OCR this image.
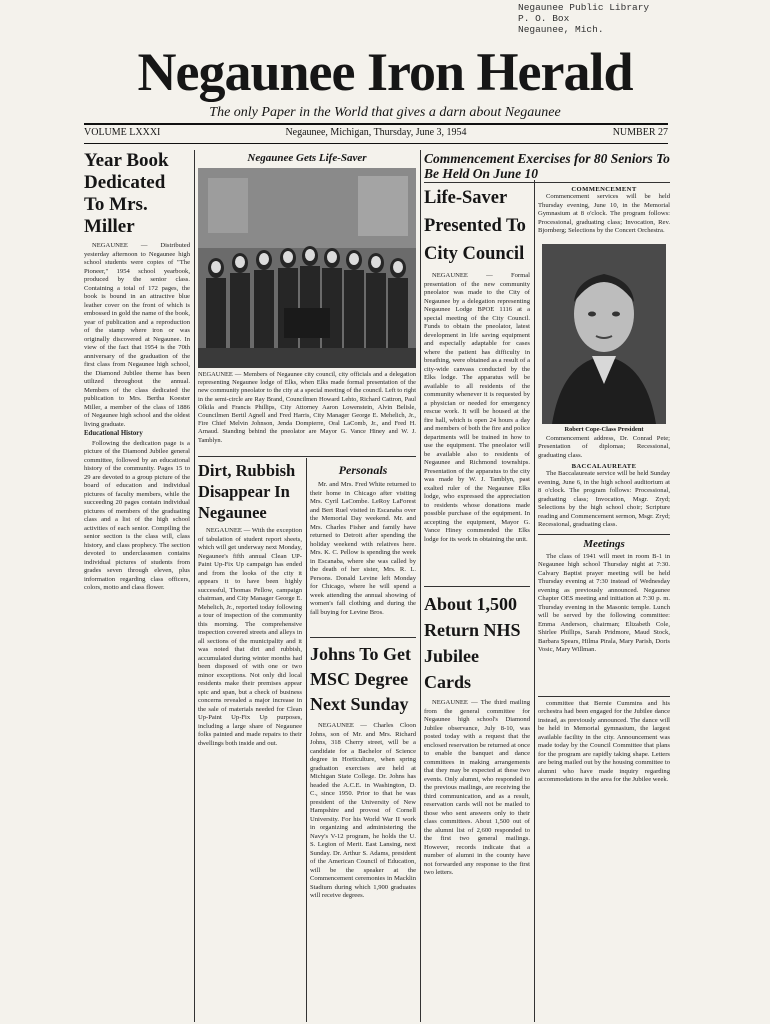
Negaunee Public Library
P. O. Box
Negaunee, Mich.
Negaunee Iron Herald
The only Paper in the World that gives a darn about Negaunee
VOLUME LXXXI	Negaunee, Michigan, Thursday, June 3, 1954	NUMBER 27
Year Book Dedicated To Mrs. Miller

NEGAUNEE — Distributed yesterday afternoon to Negaunee high school students were copies of "The Pioneer," 1954 school yearbook, produced by the senior class. Containing a total of 172 pages, the book is bound in an attractive blue leather cover on the front of which is embossed in gold the name of the book, year of publication and a reproduction of the stamp where iron or was originally discovered at Negaunee. In view of the fact that 1954 is the 70th anniversary of the graduation of the first class from Negaunee high school, the Diamond Jubilee theme has been utilized throughout the annual. Members of the class dedicated the publication to Mrs. Bertha Koester Miller, a member of the class of 1886 of Negaunee high school and the oldest living graduate.

Educational History

Following the dedication page is a picture of the Diamond Jubilee general committee, followed by an educational history of the community. Pages 15 to 29 are devoted to a group picture of the board of education and individual pictures of faculty members, while the succeeding 20 pages contain individual pictures of members of the graduating class and a list of the high school activities of each senior. Compiling the senior section is the class will, class history, and class prophecy. The section devoted to underclassmen contains individual pictures of students from grades seven through eleven, plus information regarding class officers, colors, motto and class flower.

Negaunee Gets Life-Saver
NEGAUNEE — Members of Negaunee city council, city officials and a delegation representing Negaunee lodge of Elks, when Elks made formal presentation of the new community pneolator to the city at a special meeting of the council. Left to right in the semi-circle are Ray Brand, Councilmen Howard Lehto, Richard Cattron, Paul Olkila and Francis Phillips, City Attorney Aaron Lowenstein, Alvin Belisle, Councilmen Bertil Agnell and Fred Harris, City Manager George E. Mehelich, Jr., Fire Chief Melvin Johnson, Jenda Dompierre, Oral LaComb, Jr., and Fred H. Arnaud. Standing behind the pneolator are Mayor G. Vance Hiney and W. J. Tamblyn.
Dirt, Rubbish Disappear In Negaunee

NEGAUNEE — With the exception of tabulation of student report sheets, which will get underway next Monday, Negaunee's fifth annual Clean UP-Paint Up-Fix Up campaign has ended and from the looks of the city it appears it to have been highly successful, Thomas Pellow, campaign chairman, and City Manager George E. Mehelich, Jr., reported today following a tour of inspection of the community this morning. The comprehensive inspection covered streets and alleys in all sections of the municipality and it was noted that dirt and rubbish, accumulated during winter months had been disposed of with one or two minor exceptions. Not only did local residents make their premises appear spic and span, but a check of business concerns revealed a major increase in the sale of materials needed for Clean Up-Paint Up-Fix Up purposes, including a large share of Negaunee folks painted and made repairs to their dwellings both inside and out.

Personals

Mr. and Mrs. Fred White returned to their home in Chicago after visiting Mrs. Cyril LaCombe. LeRoy LaForest and Bert Ruel visited in Escanaba over the Memorial Day weekend. Mr. and Mrs. Charles Fisher and family have returned to Detroit after spending the holiday weekend with relatives here. Mrs. K. C. Pellow is spending the week in Escanaba, where she was called by the death of her sister, Mrs. R. L. Persons. Donald Levine left Monday for Chicago, where he will spend a week attending the annual showing of women's fall clothing and during the fall buying for Levine Bros.

Johns To Get MSC Degree Next Sunday

NEGAUNEE — Charles Cloon Johns, son of Mr. and Mrs. Richard Johns, 318 Cherry street, will be a candidate for a Bachelor of Science degree in Horticulture, when spring graduation exercises are held at Michigan State College. Dr. Johns has headed the A.C.E. in Washington, D. C., since 1950. Prior to that he was president of the University of New Hampshire and provost of Cornell University. For his World War II work in organizing and administering the Navy's V-12 program, he holds the U. S. Legion of Merit. East Lansing, next Sunday. Dr. Arthur S. Adams, president of the American Council of Education, will be the speaker at the Commencement ceremonies in Macklin Stadium during which 1,900 graduates will receive degrees.

Commencement Exercises for 80 Seniors To Be Held On June 10
Life-Saver Presented To City Council

NEGAUNEE — Formal presentation of the new community pneolator was made to the City of Negaunee by a delegation representing Negaunee Lodge BPOE 1116 at a special meeting of the City Council. Funds to obtain the pneolator, latest development in life saving equipment and especially adaptable for cases where the patient has difficulty in breathing, were obtained as a result of a city-wide canvass conducted by the Elks lodge. The apparatus will be available to all residents of the community whenever it is requested by a physician or needed for emergency rescue work. It will be housed at the fire hall, which is open 24 hours a day and members of both the fire and police departments will be trained in how to use the equipment. The pneolator will be available also to residents of Negaunee and Richmond townships. Presentation of the apparatus to the city was made by W. J. Tamblyn, past exalted ruler of the Negaunee Elks lodge, who expressed the appreciation to residents whose donations made possible purchase of the equipment. In accepting the equipment, Mayor G. Vance Hiney commended the Elks lodge for its work in obtaining the unit.

About 1,500 Return NHS Jubilee Cards

NEGAUNEE — The third mailing from the general committee for Negaunee high school's Diamond Jubilee observance, July 8-10, was posted today with a request that the enclosed reservation be returned at once to enable the banquet and dance committees in making arrangements that they may be expected at these two events. Only alumni, who responded to the previous mailings, are receiving the third communication, and as a result, reservation cards will not be mailed to those who sent answers only to their class committees. About 1,500 out of the alumni list of 2,600 responded to the first two general mailings. However, records indicate that a number of alumni in the county have not forwarded any response to the first two letters.

COMMENCEMENT

Commencement services will be held Thursday evening, June 10, in the Memorial Gymnasium at 8 o'clock. The program follows: Processional, graduating class; Invocation, Rev. Bjornberg; Selections by the Concert Orchestra.

Robert Cope-Class President

Commencement address, Dr. Conrad Pete; Presentation of diplomas; Recessional, graduating class.

BACCALAUREATE

The Baccalaureate service will be held Sunday evening, June 6, in the high school auditorium at 8 o'clock. The program follows: Processional, graduating class; Invocation, Msgr. Zryd; Selections by the high school choir; Scripture reading and Commencement sermon, Msgr. Zryd; Recessional, graduating class.

Meetings

The class of 1941 will meet in room B-1 in Negaunee high school Thursday night at 7:30. Calvary Baptist prayer meeting will be held Thursday evening at 7:30 instead of Wednesday evening as previously announced. Negaunee Chapter OES meeting and initiation at 7:30 p. m. Thursday evening in the Masonic temple. Lunch will be served by the following committee: Emma Anderson, chairman; Elizabeth Cole, Shirlee Phillips, Sarah Pridmore, Maud Stock, Barbara Spears, Hilma Pirala, Mary Parish, Doris Vosic, Mary Willman.

committee that Bernie Cummins and his orchestra had been engaged for the Jubilee dance instead, as previously announced. The dance will be held in Memorial gymnasium, the largest available facility in the city. Announcement was made today by the Council Committee that plans for the program are rapidly taking shape. Letters are being mailed out by the housing committee to alumni who have made inquiry regarding accommodations in the area for the Jubilee week.
